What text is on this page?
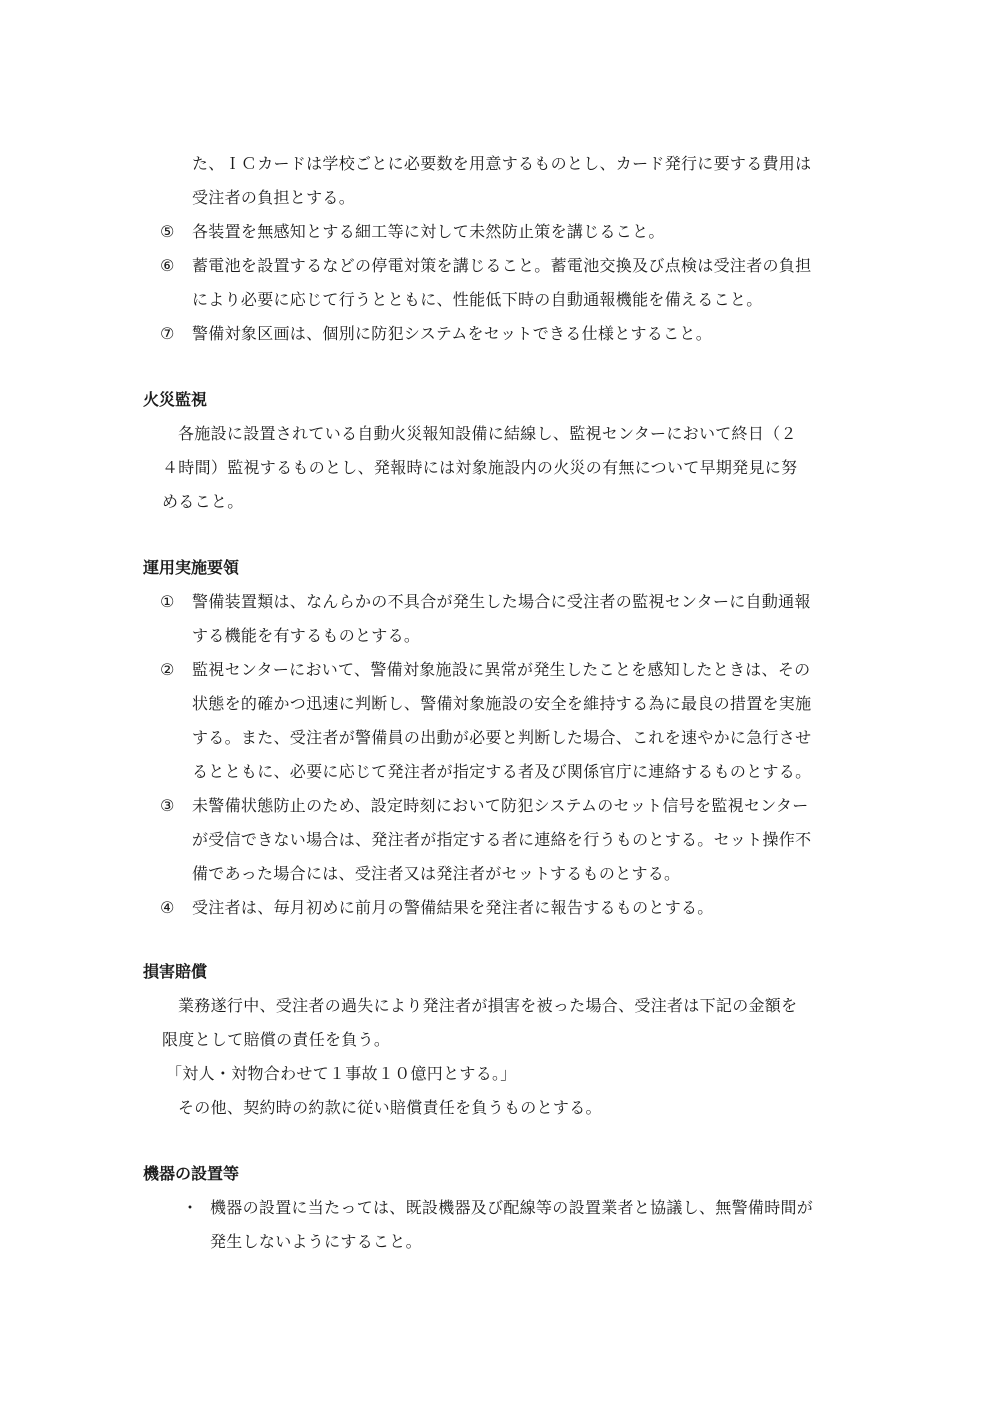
た、ＩＣカードは学校ごとに必要数を用意するものとし、カード発行に要する費用は
受注者の負担とする。
⑤	各装置を無感知とする細工等に対して未然防止策を講じること。
⑥	蓄電池を設置するなどの停電対策を講じること。蓄電池交換及び点検は受注者の負担
により必要に応じて行うとともに、性能低下時の自動通報機能を備えること。
⑦	警備対象区画は、個別に防犯システムをセットできる仕様とすること。
火災監視
各施設に設置されている自動火災報知設備に結線し、監視センターにおいて終日（２
４時間）監視するものとし、発報時には対象施設内の火災の有無について早期発見に努
めること。
運用実施要領
①	警備装置類は、なんらかの不具合が発生した場合に受注者の監視センターに自動通報
する機能を有するものとする。
②	監視センターにおいて、警備対象施設に異常が発生したことを感知したときは、その
状態を的確かつ迅速に判断し、警備対象施設の安全を維持する為に最良の措置を実施
する。また、受注者が警備員の出動が必要と判断した場合、これを速やかに急行させ
るとともに、必要に応じて発注者が指定する者及び関係官庁に連絡するものとする。
③	未警備状態防止のため、設定時刻において防犯システムのセット信号を監視センター
が受信できない場合は、発注者が指定する者に連絡を行うものとする。セット操作不
備であった場合には、受注者又は発注者がセットするものとする。
④	受注者は、毎月初めに前月の警備結果を発注者に報告するものとする。
損害賠償
業務遂行中、受注者の過失により発注者が損害を被った場合、受注者は下記の金額を
限度として賠償の責任を負う。
「対人・対物合わせて１事故１０億円とする。」
その他、契約時の約款に従い賠償責任を負うものとする。
機器の設置等
・ 機器の設置に当たっては、既設機器及び配線等の設置業者と協議し、無警備時間が
発生しないようにすること。
